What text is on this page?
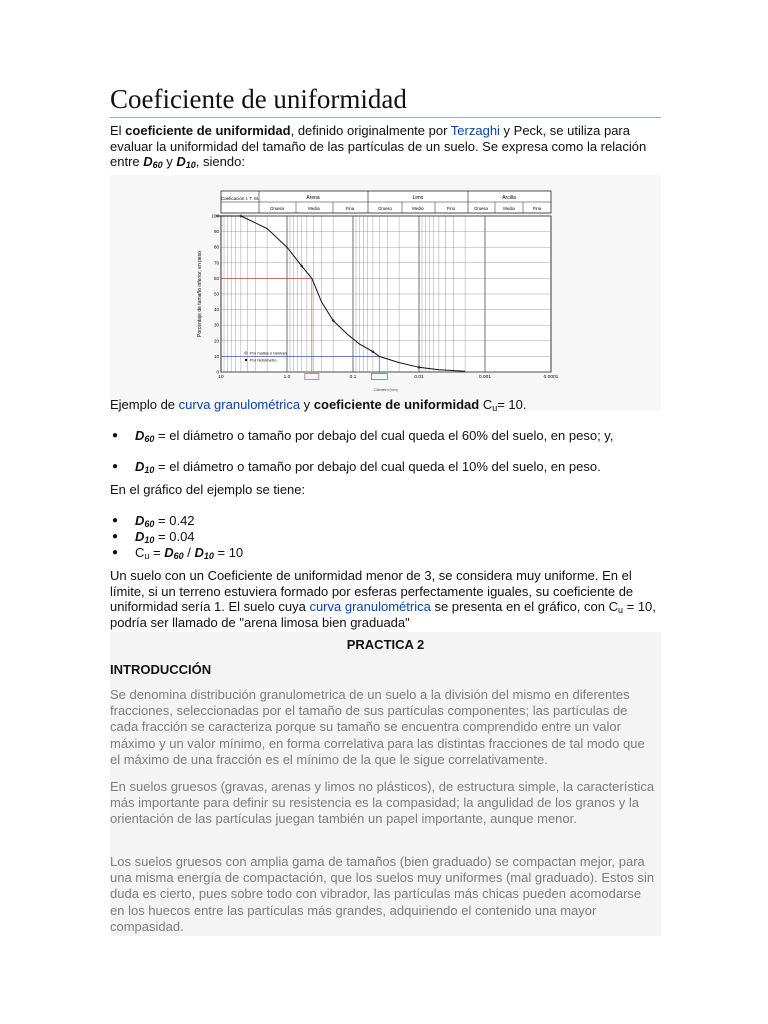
Coeficiente de uniformidad

El coeficiente de uniformidad, definido originalmente por Terzaghi y Peck, se utiliza para evaluar la uniformidad del tamaño de las partículas de un suelo. Se expresa como la relación entre $D_{60}$ y $D_{10}$, siendo:

Coeficación I. T. M.	Arena	Limo	Arcilla
Gruesa	Media	Fina	Grueso	Medio	Fino	Gruesa	Media	Fina
100
90
80
70
60
50
40
30
20
10
0
10	1.0	0.1	0.01	0.001	0.0001
Porcentaje de tamaño inferior, en peso
Diámetro (mm)
Por mallas o tamices
Por hidrómetro
Ejemplo de curva granulométrica y coeficiente de uniformidad $C_u= 10$.
● $D_{60}$ = el diámetro o tamaño por debajo del cual queda el 60% del suelo, en peso; y,
● $D_{10}$ = el diámetro o tamaño por debajo del cual queda el 10% del suelo, en peso.

En el gráfico del ejemplo se tiene:

● $D_{60} = 0.42$
● $D_{10} = 0.04$
● $C_u = D_{60} / D_{10} = 10$

Un suelo con un Coeficiente de uniformidad menor de 3, se considera muy uniforme. En el límite, si un terreno estuviera formado por esferas perfectamente iguales, su coeficiente de uniformidad sería 1. El suelo cuya curva granulométrica se presenta en el gráfico, con $C_u = 10$, podría ser llamado de "arena limosa bien graduada"

PRACTICA 2
INTRODUCCIÓN

Se denomina distribución granulometrica de un suelo a la división del mismo en diferentes fracciones, seleccionadas por el tamaño de sus partículas componentes; las partículas de cada fracción se caracteriza porque su tamaño se encuentra comprendido entre un valor máximo y un valor mínimo, en forma correlativa para las distintas fracciones de tal modo que el máximo de una fracción es el mínimo de la que le sigue correlativamente.

En suelos gruesos (gravas, arenas y limos no plásticos), de estructura simple, la característica más importante para definir su resistencia es la compasidad; la angulidad de los granos y la orientación de las partículas juegan también un papel importante, aunque menor.

Los suelos gruesos con amplia gama de tamaños (bien graduado) se compactan mejor, para una misma energía de compactación, que los suelos muy uniformes (mal graduado). Estos sin duda es cierto, pues sobre todo con vibrador, las partículas más chicas pueden acomodarse en los huecos entre las partículas más grandes, adquiriendo el contenido una mayor compasidad.
